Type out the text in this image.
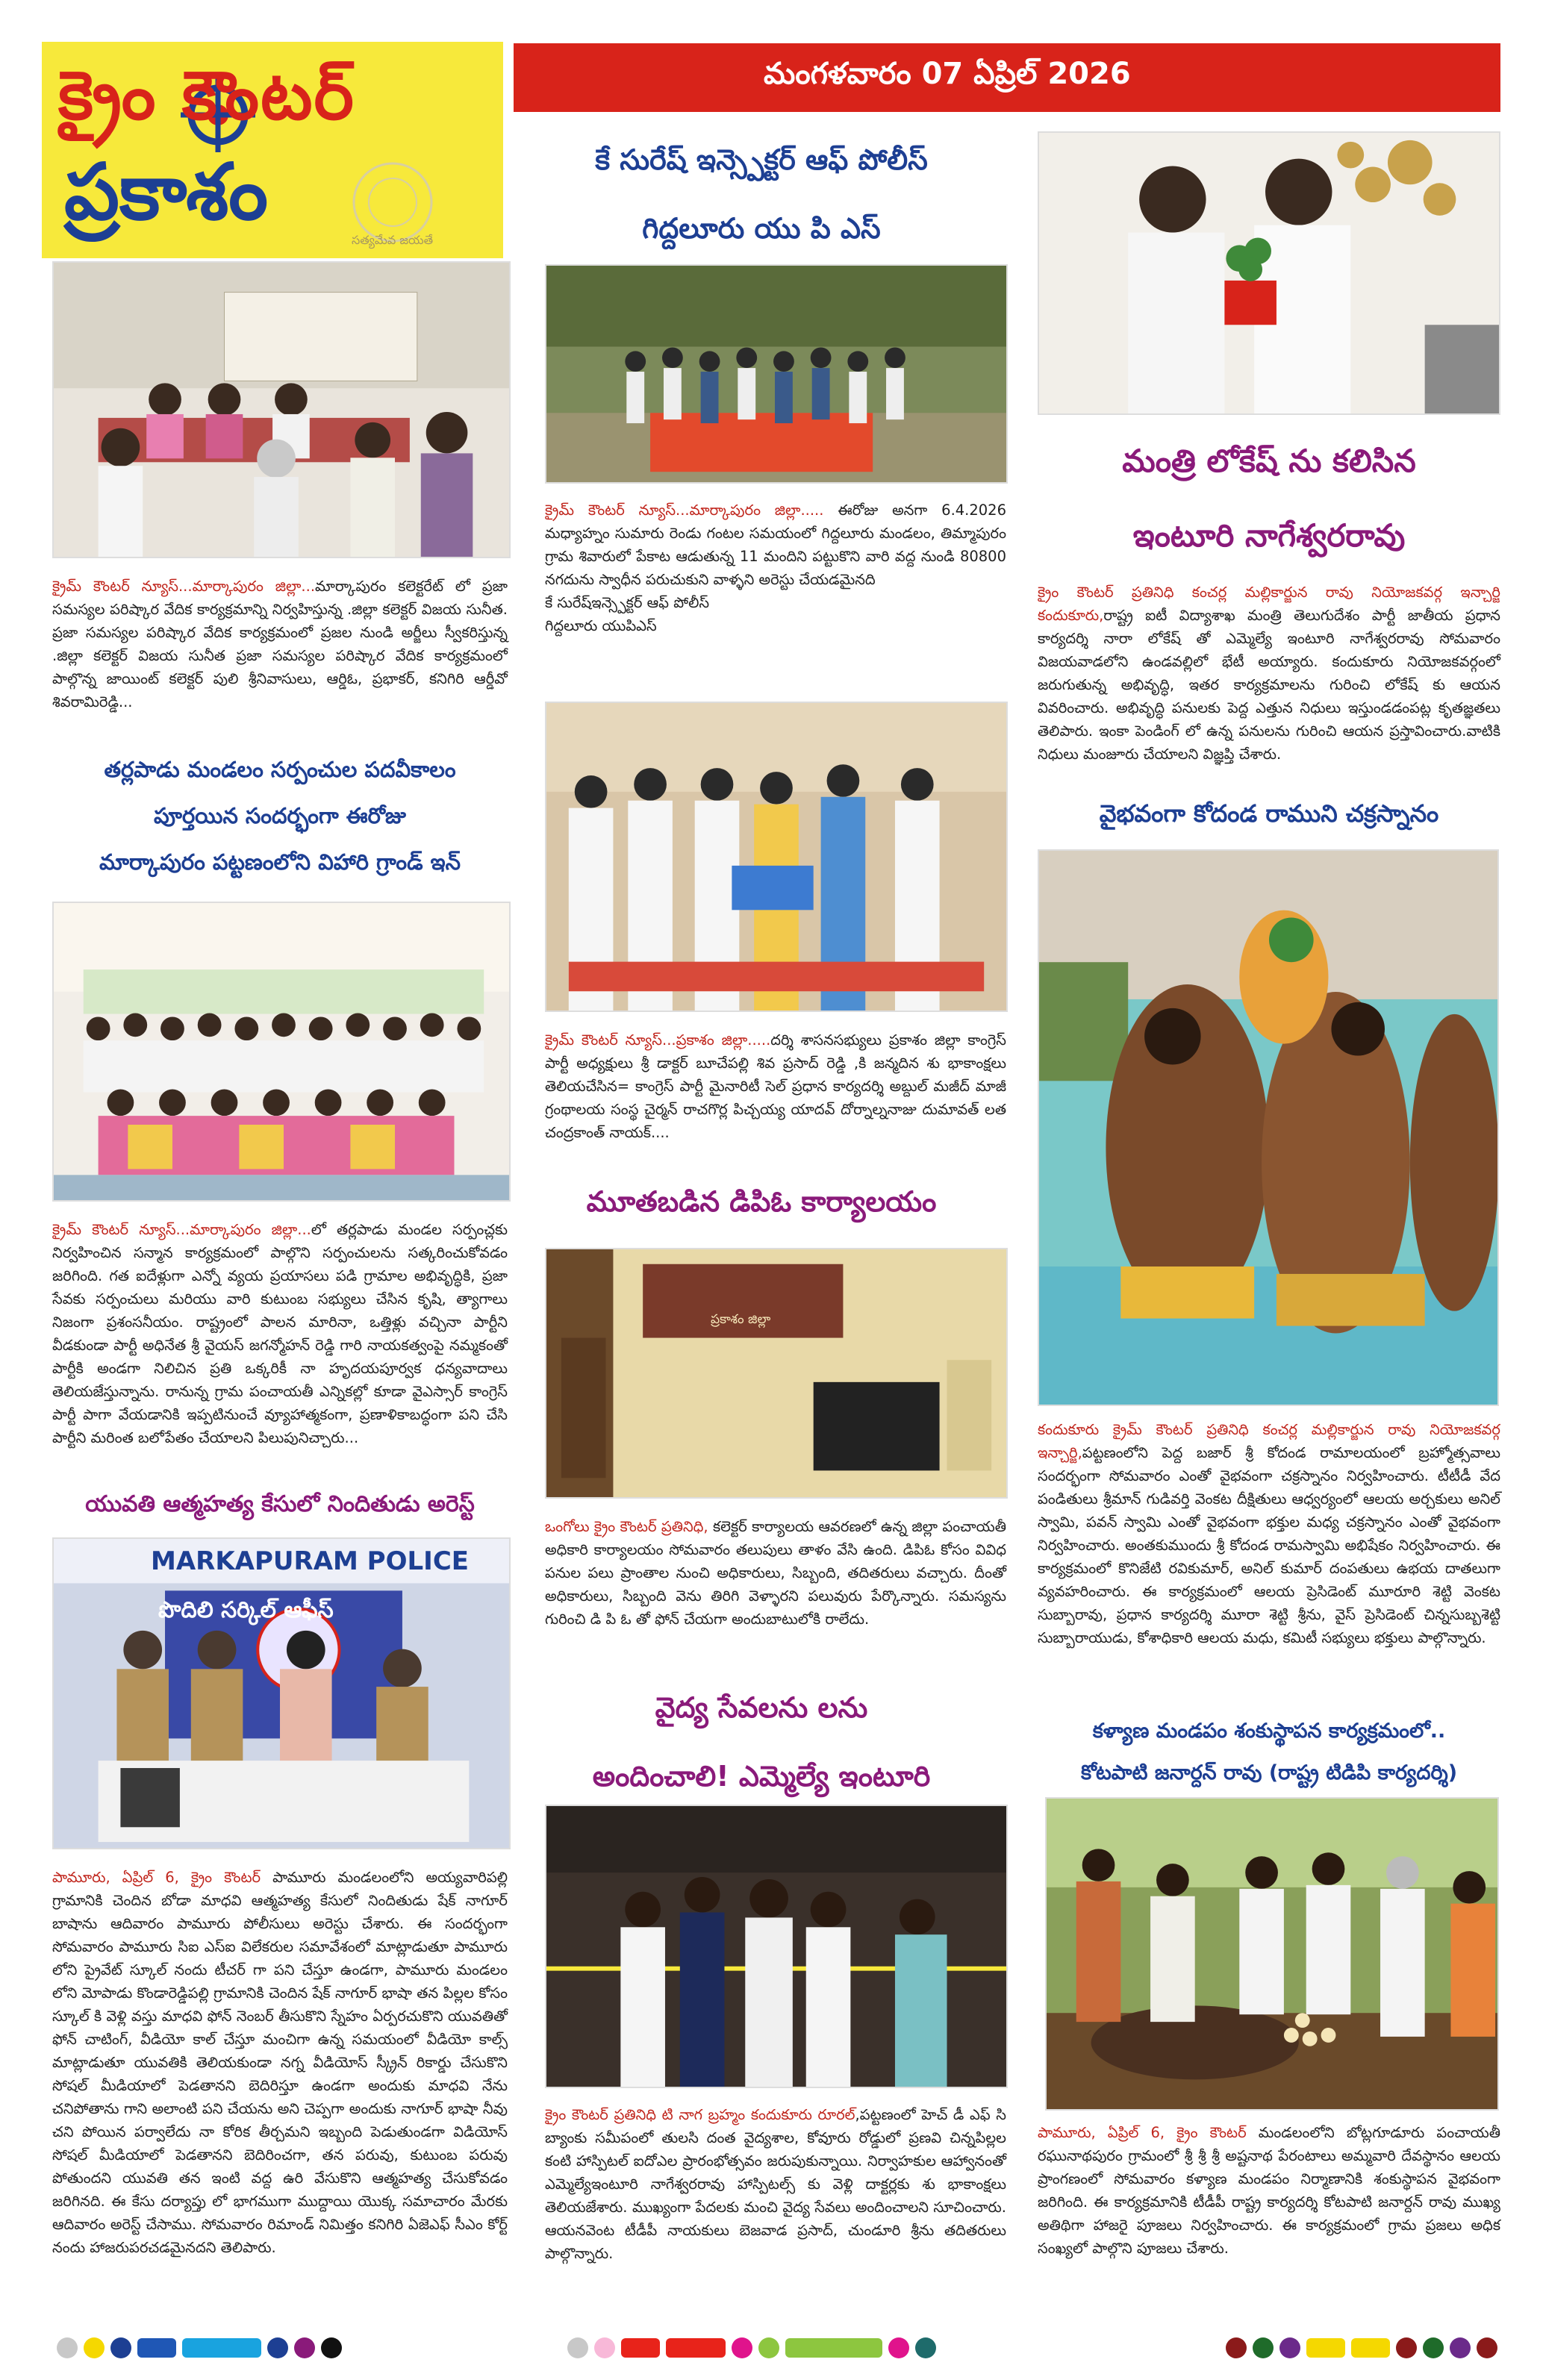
క్రైం కౌంటర్
ప్రకాశం
సత్యమేవ జయతే
మంగళవారం 07 ఏప్రిల్ 2026
క్రైమ్ కౌంటర్ న్యూస్...మార్కాపురం జిల్లా...మార్కాపురం కలెక్టరేట్ లో ప్రజా సమస్యల పరిష్కార వేదిక కార్యక్రమాన్ని నిర్వహిస్తున్న .జిల్లా కలెక్టర్ విజయ సునీత. ప్రజా సమస్యల పరిష్కార వేదిక కార్యక్రమంలో ప్రజల నుండి అర్జీలు స్వీకరిస్తున్న .జిల్లా కలెక్టర్ విజయ సునీత ప్రజా సమస్యల పరిష్కార వేదిక కార్యక్రమంలో పాల్గొన్న జాయింట్ కలెక్టర్ పులి శ్రీనివాసులు, ఆర్డిఓ, ప్రభాకర్, కనిగిరి ఆర్డీవో శివరామిరెడ్డి...
తర్లపాడు మండలం సర్పంచుల పదవీకాలం
పూర్తయిన సందర్భంగా ఈరోజు
మార్కాపురం పట్టణంలోని విహారి గ్రాండ్ ఇన్
క్రైమ్ కౌంటర్ న్యూస్...మార్కాపురం జిల్లా...లో తర్లపాడు మండల సర్పంచ్లకు నిర్వహించిన సన్మాన కార్యక్రమంలో పాల్గొని సర్పంచులను సత్కరించుకోవడం జరిగింది. గత ఐదేళ్లుగా ఎన్నో వ్యయ ప్రయాసలు పడి గ్రామాల అభివృద్ధికి, ప్రజా సేవకు సర్పంచులు మరియు వారి కుటుంబ సభ్యులు చేసిన కృషి, త్యాగాలు నిజంగా ప్రశంసనీయం. రాష్ట్రంలో పాలన మారినా, ఒత్తిళ్లు వచ్చినా పార్టీని వీడకుండా పార్టీ అధినేత శ్రీ వైయస్ జగన్మోహన్ రెడ్డి గారి నాయకత్వంపై నమ్మకంతో పార్టీకి అండగా నిలిచిన ప్రతి ఒక్కరికీ నా హృదయపూర్వక ధన్యవాదాలు తెలియజేస్తున్నాను. రానున్న గ్రామ పంచాయతీ ఎన్నికల్లో కూడా వైఎస్సార్ కాంగ్రెస్ పార్టీ పాగా వేయడానికి ఇప్పటినుంచే వ్యూహాత్మకంగా, ప్రణాళికాబద్ధంగా పని చేసి పార్టీని మరింత బలోపేతం చేయాలని పిలుపునిచ్చారు...
యువతి ఆత్మహత్య కేసులో నిందితుడు అరెస్ట్
MARKAPURAM POLICE
పొదిలి సర్కిల్ ఆఫీస్
పామూరు, ఏప్రిల్ 6, క్రైం కౌంటర్ పామూరు మండలంలోని అయ్యవారిపల్లి గ్రామానికి చెందిన బోడా మాధవి ఆత్మహత్య కేసులో నిందితుడు షేక్ నాగూర్ బాషాను ఆదివారం పామూరు పోలీసులు అరెస్టు చేశారు. ఈ సందర్భంగా సోమవారం పామూరు సిఐ ఎస్ఐ విలేకరుల సమావేశంలో మాట్లాడుతూ పామూరు లోని ప్రైవేట్ స్కూల్ నందు టీచర్ గా పని చేస్తూ ఉండగా, పామూరు మండలం లోని మోపాడు కొండారెడ్డిపల్లి గ్రామానికి చెందిన షేక్ నాగూర్ భాషా తన పిల్లల కోసం స్కూల్ కి వెళ్లి వస్తు మాధవి ఫోన్ నెంబర్ తీసుకొని స్నేహం ఏర్పరచుకొని యువతితో ఫోన్ చాటింగ్, వీడియో కాల్ చేస్తూ మంచిగా ఉన్న సమయంలో వీడియో కాల్స్ మాట్లాడుతూ యువతికి తెలియకుండా నగ్న వీడియోస్ స్క్రీన్ రికార్డు చేసుకొని సోషల్ మీడియాలో పెడతానని బెదిరిస్తూ ఉండగా అందుకు మాధవి నేను చనిపోతాను గాని అలాంటి పని చేయను అని చెప్పగా అందుకు నాగూర్ భాషా నీవు చని పోయిన పర్వాలేదు నా కోరిక తీర్చమని ఇబ్బంది పెడుతుండగా విడియోస్ సోషల్ మీడియాలో పెడతానని బెదిరించగా, తన పరువు, కుటుంబ పరువు పోతుందని యువతి తన ఇంటి వద్ద ఉరి వేసుకొని ఆత్మహత్య చేసుకోవడం జరిగినది. ఈ కేసు దర్యాప్తు లో భాగముగా ముద్దాయి యొక్క సమాచారం మేరకు ఆదివారం అరెస్ట్ చేసాము. సోమవారం రిమాండ్ నిమిత్తం కనిగిరి ఏజెఎఫ్ సీఎం కోర్ట్ నందు హాజరుపరచడమైనదని తెలిపారు.
కే సురేష్ ఇన్స్పెక్టర్ ఆఫ్ పోలీస్
గిద్దలూరు యు పి ఎస్
క్రైమ్ కౌంటర్ న్యూస్...మార్కాపురం జిల్లా..... ఈరోజు అనగా 6.4.2026 మధ్యాహ్నం సుమారు రెండు గంటల సమయంలో గిద్దలూరు మండలం, తిమ్మాపురం గ్రామ శివారులో పేకాట ఆడుతున్న 11 మందిని పట్టుకొని వారి వద్ద నుండి 80800 నగదును స్వాధీన పరుచుకుని వాళ్ళని అరెస్టు చేయడమైనది
కే సురేష్ఇన్స్పెక్టర్ ఆఫ్ పోలీస్
గిద్దలూరు యుపిఎస్
క్రైమ్ కౌంటర్ న్యూస్...ప్రకాశం జిల్లా.....దర్శి శాసనసభ్యులు ప్రకాశం జిల్లా కాంగ్రెస్ పార్టీ అధ్యక్షులు శ్రీ డాక్టర్ బూచేపల్లి శివ ప్రసాద్ రెడ్డి ,కి జన్మదిన శు భాకాంక్షలు తెలియచేసిన= కాంగ్రెస్ పార్టీ మైనారిటీ సెల్ ప్రధాన కార్యదర్శి అబ్దుల్ మజీద్ మాజీ గ్రంథాలయ సంస్థ చైర్మన్ రాచగొర్ల పిచ్చయ్య యాదవ్ దోర్నాల్ననాజు దుమావత్ లత చంద్రకాంత్ నాయక్....
మూతబడిన డిపిఓ కార్యాలయం
ప్రకాశం జిల్లా
ఒంగోలు క్రైం కౌంటర్ ప్రతినిధి, కలెక్టర్ కార్యాలయ ఆవరణలో ఉన్న జిల్లా పంచాయతీ అధికారి కార్యాలయం సోమవారం తలుపులు తాళం వేసి ఉంది. డిపిఓ కోసం వివిధ పనుల పలు ప్రాంతాల నుంచి అధికారులు, సిబ్బంది, తదితరులు వచ్చారు. దీంతో అధికారులు, సిబ్బంది వెను తిరిగి వెళ్ళారని పలువురు పేర్కొన్నారు. సమస్యను గురించి డి పి ఓ తో ఫోన్ చేయగా అందుబాటులోకి రాలేదు.
వైద్య సేవలను లను
అందించాలి! ఎమ్మెల్యే ఇంటూరి
క్రైం కౌంటర్ ప్రతినిధి టి నాగ బ్రహ్మం కందుకూరు రూరల్,పట్టణంలో హెచ్ డీ ఎఫ్ సి బ్యాంకు సమీపంలో తులసి దంత వైద్యశాల, కోవూరు రోడ్డులో ప్రణవి చిన్నపిల్లల కంటి హాస్పిటల్ ఐదోఎల ప్రారంభోత్సవం జరుపుకున్నాయి. నిర్వాహకుల ఆహ్వానంతో ఎమ్మెల్యేఇంటూరి నాగేశ్వరరావు హాస్పిటల్స్ కు వెళ్లి దాక్టర్లకు శు భాకాంక్షలు తెలియజేశారు. ముఖ్యంగా పేదలకు మంచి వైద్య సేవలు అందించాలని సూచించారు. ఆయనవెంట టీడీపీ నాయకులు బెజవాడ ప్రసాద్, చుండూరి శ్రీను తదితరులు పాల్గొన్నారు.
మంత్రి లోకేష్ ను కలిసిన
ఇంటూరి నాగేశ్వరరావు
క్రైం కౌంటర్ ప్రతినిధి కంచర్ల మల్లికార్జున రావు నియోజకవర్గ ఇన్చార్జి కందుకూరు,రాష్ట్ర ఐటీ విద్యాశాఖ మంత్రి తెలుగుదేశం పార్టీ జాతీయ ప్రధాన కార్యదర్శి నారా లోకేష్ తో ఎమ్మెల్యే ఇంటూరి నాగేశ్వరరావు సోమవారం విజయవాడలోని ఉండవల్లిలో భేటీ అయ్యారు. కందుకూరు నియోజకవర్గంలో జరుగుతున్న అభివృద్ధి, ఇతర కార్యక్రమాలను గురించి లోకేష్ కు ఆయన వివరించారు. అభివృద్ధి పనులకు పెద్ద ఎత్తున నిధులు ఇస్తుండడంపట్ల కృతజ్ఞతలు తెలిపారు. ఇంకా పెండింగ్ లో ఉన్న పనులను గురించి ఆయన ప్రస్తావించారు.వాటికి నిధులు మంజూరు చేయాలని విజ్ఞప్తి చేశారు.
వైభవంగా కోదండ రాముని చక్రస్నానం
కందుకూరు క్రైమ్ కౌంటర్ ప్రతినిధి కంచర్ల మల్లికార్జున రావు నియోజకవర్గ ఇన్చార్జి,పట్టణంలోని పెద్ద బజార్ శ్రీ కోదండ రామాలయంలో బ్రహ్మోత్సవాలు సందర్భంగా సోమవారం ఎంతో వైభవంగా చక్రస్నానం నిర్వహించారు. టీటీడీ వేద పండితులు శ్రీమాన్ గుడివర్తి వెంకట దీక్షితులు ఆధ్వర్యంలో ఆలయ అర్చకులు అనిల్ స్వామి, పవన్ స్వామి ఎంతో వైభవంగా భక్తుల మధ్య చక్రస్నానం ఎంతో వైభవంగా నిర్వహించారు. అంతకుముందు శ్రీ కోదండ రామస్వామి అభిషేకం నిర్వహించారు. ఈ కార్యక్రమంలో కొనిజేటి రవికుమార్, అనిల్ కుమార్ దంపతులు ఉభయ దాతలుగా వ్యవహరించారు. ఈ కార్యక్రమంలో ఆలయ ప్రెసిడెంట్ మూరూరి శెట్టి వెంకట సుబ్బారావు, ప్రధాన కార్యదర్శి మూరా శెట్టి శ్రీను, వైస్ ప్రెసిడెంట్ చిన్నసుబ్బశెట్టి సుబ్బారాయుడు, కోశాధికారి ఆలయ మధు, కమిటీ సభ్యులు భక్తులు పాల్గొన్నారు.
కళ్యాణ మండపం శంకుస్థాపన కార్యక్రమంలో..
కోటపాటి జనార్దన్ రావు (రాష్ట్ర టిడిపి కార్యదర్శి)
పామూరు, ఏప్రిల్ 6, క్రైం కౌంటర్ మండలంలోని బోట్లగూడూరు పంచాయతీ రఘునాథపురం గ్రామంలో శ్రీ శ్రీ శ్రీ అష్టనాథ పేరంటాలు అమ్మవారి దేవస్థానం ఆలయ ప్రాంగణంలో సోమవారం కళ్యాణ మండపం నిర్మాణానికి శంకుస్థాపన వైభవంగా జరిగింది. ఈ కార్యక్రమానికి టీడీపీ రాష్ట్ర కార్యదర్శి కోటపాటి జనార్దన్ రావు ముఖ్య అతిథిగా హాజరై పూజలు నిర్వహించారు. ఈ కార్యక్రమంలో గ్రామ ప్రజలు అధిక సంఖ్యలో పాల్గొని పూజలు చేశారు.
